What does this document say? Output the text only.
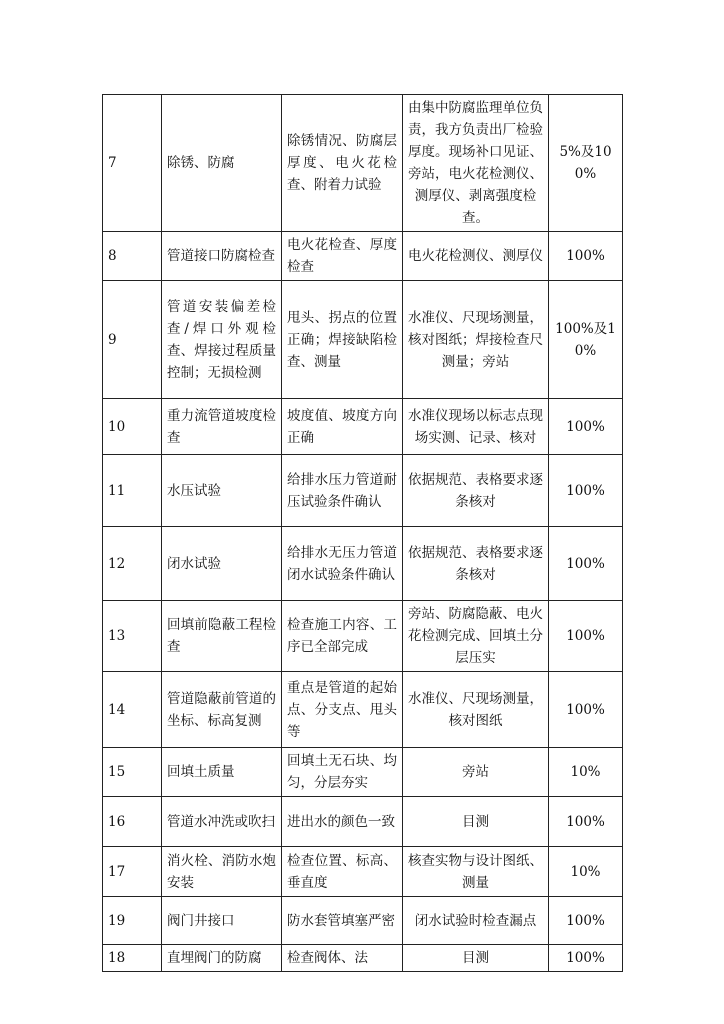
7	除锈、防腐	除锈情况、防腐层厚度、电火花检查、附着力试验	由集中防腐监理单位负责，我方负责出厂检验厚度。现场补口见证、旁站，电火花检测仪、测厚仪、剥离强度检查。	5%及100%
8	管道接口防腐检查	电火花检查、厚度检查	电火花检测仪、测厚仪	100%
9	管道安装偏差检查/焊口外观检查、焊接过程质量控制；无损检测	甩头、拐点的位置正确；焊接缺陷检查、测量	水准仪、尺现场测量，核对图纸；焊接检查尺测量；旁站	100%及10%
10	重力流管道坡度检查	坡度值、坡度方向正确	水准仪现场以标志点现场实测、记录、核对	100%
11	水压试验	给排水压力管道耐压试验条件确认	依据规范、表格要求逐条核对	100%
12	闭水试验	给排水无压力管道闭水试验条件确认	依据规范、表格要求逐条核对	100%
13	回填前隐蔽工程检查	检查施工内容、工序已全部完成	旁站、防腐隐蔽、电火花检测完成、回填土分层压实	100%
14	管道隐蔽前管道的坐标、标高复测	重点是管道的起始点、分支点、甩头等	水准仪、尺现场测量，核对图纸	100%
15	回填土质量	回填土无石块、均匀，分层夯实	旁站	10%
16	管道水冲洗或吹扫	进出水的颜色一致	目测	100%
17	消火栓、消防水炮安装	检查位置、标高、垂直度	核查实物与设计图纸、测量	10%
19	阀门井接口	防水套管填塞严密	闭水试验时检查漏点	100%
18	直埋阀门的防腐	检查阀体、法	目测	100%
